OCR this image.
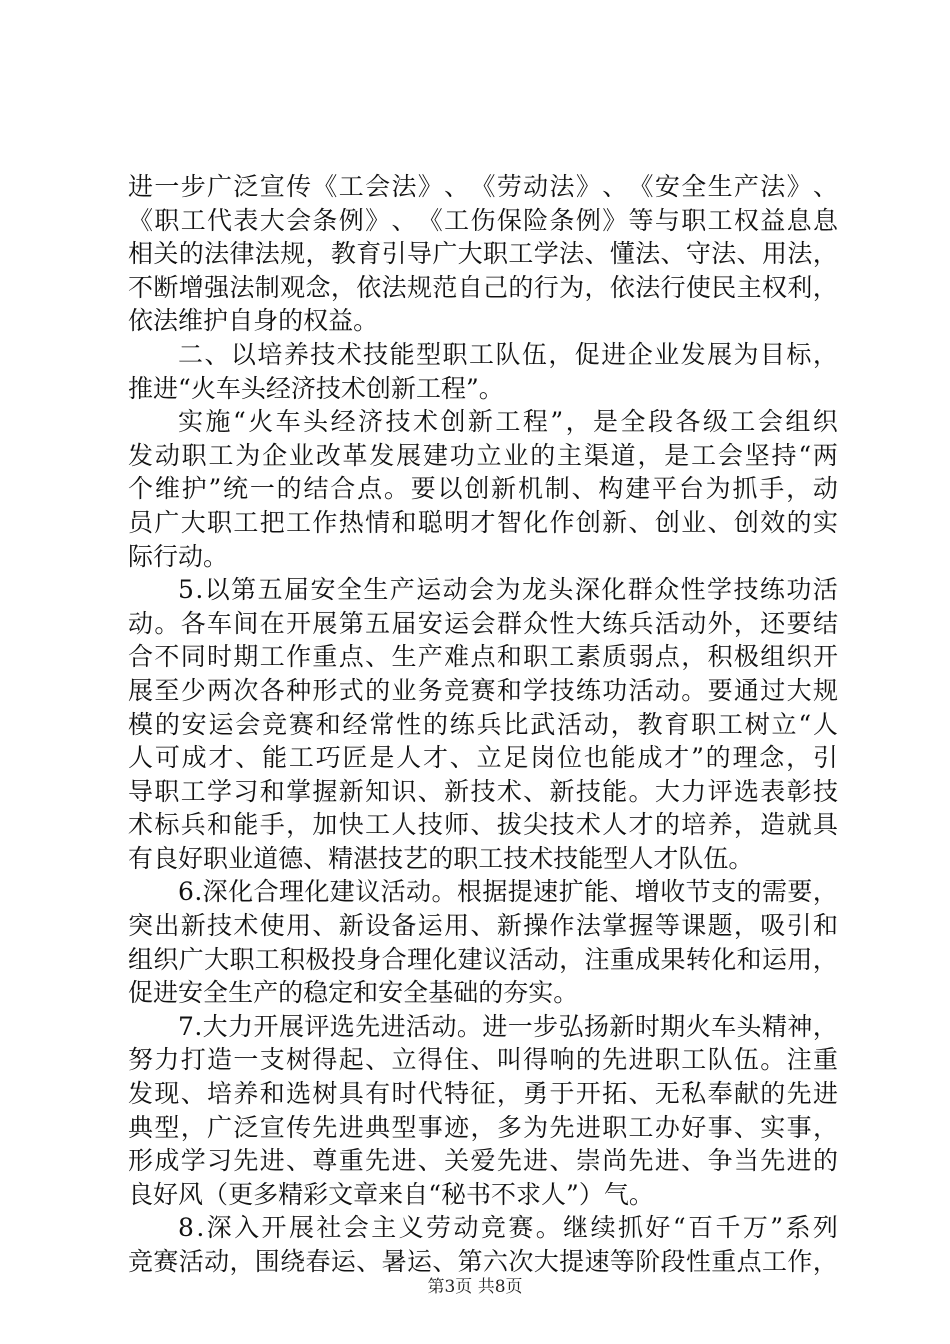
进 一 步 广 泛 宣 传 《 工 会 法 》 、 《 劳 动 法 》 、 《 安 全 生 产 法 》 、
《 职 工 代 表 大 会 条 例 》 、 《 工 伤 保 险 条 例 》 等 与 职 工 权 益 息 息
相 关 的 法 律 法 规 ， 教 育 引 导 广 大 职 工 学 法 、 懂 法 、 守 法 、 用 法 ，
不 断 增 强 法 制 观 念 ， 依 法 规 范 自 己 的 行 为 ， 依 法 行 使 民 主 权 利 ，
依 法 维 护 自 身 的 权 益 。
二 、 以 培 养 技 术 技 能 型 职 工 队 伍 ， 促 进 企 业 发 展 为 目 标 ，
推 进 “ 火 车 头 经 济 技 术 创 新 工 程 ” 。
实 施 “ 火 车 头 经 济 技 术 创 新 工 程 ” ， 是 全 段 各 级 工 会 组 织
发 动 职 工 为 企 业 改 革 发 展 建 功 立 业 的 主 渠 道 ， 是 工 会 坚 持 “ 两
个 维 护 ” 统 一 的 结 合 点 。 要 以 创 新 机 制 、 构 建 平 台 为 抓 手 ， 动
员 广 大 职 工 把 工 作 热 情 和 聪 明 才 智 化 作 创 新 、 创 业 、 创 效 的 实
际 行 动 。
5 . 以 第 五 届 安 全 生 产 运 动 会 为 龙 头 深 化 群 众 性 学 技 练 功 活
动 。 各 车 间 在 开 展 第 五 届 安 运 会 群 众 性 大 练 兵 活 动 外 ， 还 要 结
合 不 同 时 期 工 作 重 点 、 生 产 难 点 和 职 工 素 质 弱 点 ， 积 极 组 织 开
展 至 少 两 次 各 种 形 式 的 业 务 竞 赛 和 学 技 练 功 活 动 。 要 通 过 大 规
模 的 安 运 会 竞 赛 和 经 常 性 的 练 兵 比 武 活 动 ， 教 育 职 工 树 立 “ 人
人 可 成 才 、 能 工 巧 匠 是 人 才 、 立 足 岗 位 也 能 成 才 ” 的 理 念 ， 引
导 职 工 学 习 和 掌 握 新 知 识 、 新 技 术 、 新 技 能 。 大 力 评 选 表 彰 技
术 标 兵 和 能 手 ， 加 快 工 人 技 师 、 拔 尖 技 术 人 才 的 培 养 ， 造 就 具
有 良 好 职 业 道 德 、 精 湛 技 艺 的 职 工 技 术 技 能 型 人 才 队 伍 。
6 . 深 化 合 理 化 建 议 活 动 。 根 据 提 速 扩 能 、 增 收 节 支 的 需 要 ，
突 出 新 技 术 使 用 、 新 设 备 运 用 、 新 操 作 法 掌 握 等 课 题 ， 吸 引 和
组 织 广 大 职 工 积 极 投 身 合 理 化 建 议 活 动 ， 注 重 成 果 转 化 和 运 用 ，
促 进 安 全 生 产 的 稳 定 和 安 全 基 础 的 夯 实 。
7 . 大 力 开 展 评 选 先 进 活 动 。 进 一 步 弘 扬 新 时 期 火 车 头 精 神 ，
努 力 打 造 一 支 树 得 起 、 立 得 住 、 叫 得 响 的 先 进 职 工 队 伍 。 注 重
发 现 、 培 养 和 选 树 具 有 时 代 特 征 ， 勇 于 开 拓 、 无 私 奉 献 的 先 进
典 型 ， 广 泛 宣 传 先 进 典 型 事 迹 ， 多 为 先 进 职 工 办 好 事 、 实 事 ，
形 成 学 习 先 进 、 尊 重 先 进 、 关 爱 先 进 、 崇 尚 先 进 、 争 当 先 进 的
良 好 风 （ 更 多 精 彩 文 章 来 自 “ 秘 书 不 求 人 ” ） 气 。
8 . 深 入 开 展 社 会 主 义 劳 动 竞 赛 。 继 续 抓 好 “ 百 千 万 ” 系 列
竞 赛 活 动 ， 围 绕 春 运 、 暑 运 、 第 六 次 大 提 速 等 阶 段 性 重 点 工 作 ，
第3页 共8页
